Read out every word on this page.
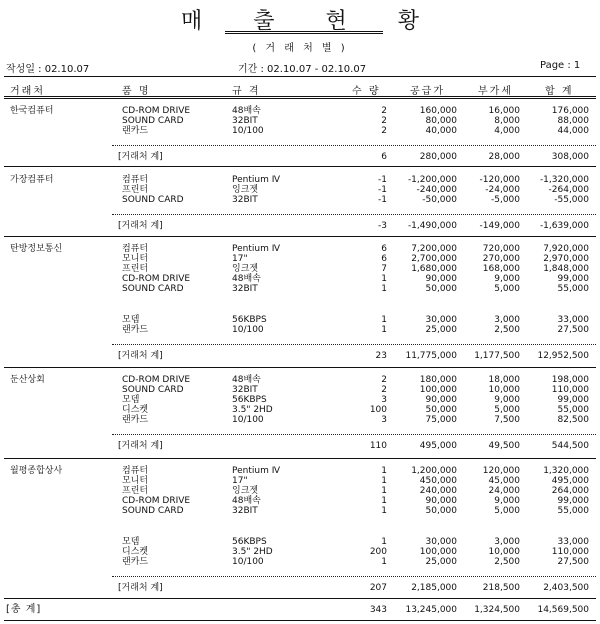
매 출 현 황
( 거 래 처 별 )
작성일 : 02.10.07	기간 : 02.10.07 - 02.10.07	Page : 1
거래처	품 명	규 격	수 량	공급가	부가세	합 계
한국컴퓨터	CD-ROM DRIVE	48배속	2	160,000	16,000	176,000
SOUND CARD	32BIT	2	80,000	8,000	88,000
랜카드	10/100	2	40,000	4,000	44,000
[거래처 계]	6	280,000	28,000	308,000
가장컴퓨터	컴퓨터	Pentium Ⅳ	-1	-1,200,000	-120,000	-1,320,000
프린터	잉크젯	-1	-240,000	-24,000	-264,000
SOUND CARD	32BIT	-1	-50,000	-5,000	-55,000
[거래처 계]	-3	-1,490,000	-149,000	-1,639,000
탄방정보통신	컴퓨터	Pentium Ⅳ	6	7,200,000	720,000	7,920,000
모니터	17"	6	2,700,000	270,000	2,970,000
프린터	잉크젯	7	1,680,000	168,000	1,848,000
CD-ROM DRIVE	48배속	1	90,000	9,000	99,000
SOUND CARD	32BIT	1	50,000	5,000	55,000
모뎀	56KBPS	1	30,000	3,000	33,000
랜카드	10/100	1	25,000	2,500	27,500
[거래처 계]	23	11,775,000	1,177,500	12,952,500
둔산상회	CD-ROM DRIVE	48배속	2	180,000	18,000	198,000
SOUND CARD	32BIT	2	100,000	10,000	110,000
모뎀	56KBPS	3	90,000	9,000	99,000
디스켓	3.5" 2HD	100	50,000	5,000	55,000
랜카드	10/100	3	75,000	7,500	82,500
[거래처 계]	110	495,000	49,500	544,500
월평종합상사	컴퓨터	Pentium Ⅳ	1	1,200,000	120,000	1,320,000
모니터	17"	1	450,000	45,000	495,000
프린터	잉크젯	1	240,000	24,000	264,000
CD-ROM DRIVE	48배속	1	90,000	9,000	99,000
SOUND CARD	32BIT	1	50,000	5,000	55,000
모뎀	56KBPS	1	30,000	3,000	33,000
디스켓	3.5" 2HD	200	100,000	10,000	110,000
랜카드	10/100	1	25,000	2,500	27,500
[거래처 계]	207	2,185,000	218,500	2,403,500
[총 계]	343	13,245,000	1,324,500	14,569,500
